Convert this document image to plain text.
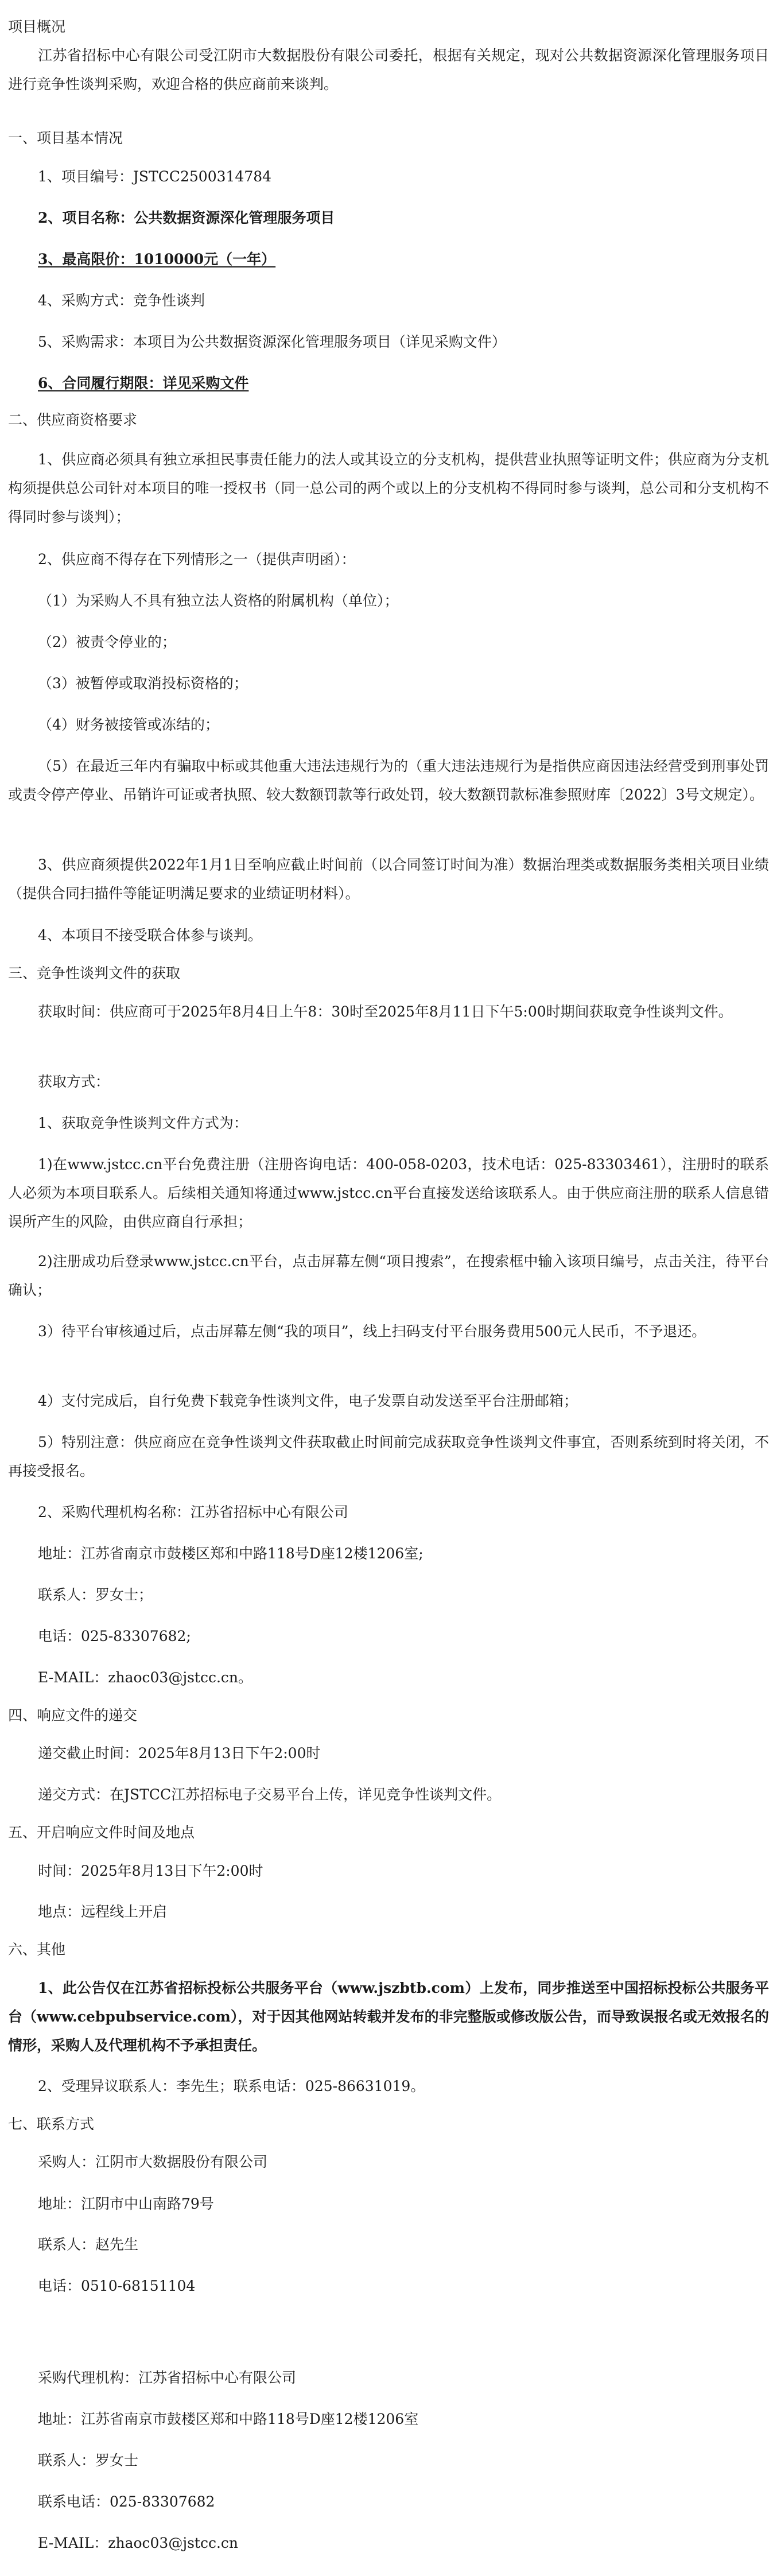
项目概况
江苏省招标中心有限公司受江阴市大数据股份有限公司委托，根据有关规定，现对公共数据资源深化管理服务项目进行竞争性谈判采购，欢迎合格的供应商前来谈判。
一、项目基本情况
1、项目编号：JSTCC2500314784
2、项目名称：公共数据资源深化管理服务项目
3、最高限价：1010000元（一年）
4、采购方式：竞争性谈判
5、采购需求：本项目为公共数据资源深化管理服务项目（详见采购文件）
6、合同履行期限：详见采购文件
二、供应商资格要求
1、供应商必须具有独立承担民事责任能力的法人或其设立的分支机构，提供营业执照等证明文件；供应商为分支机构须提供总公司针对本项目的唯一授权书（同一总公司的两个或以上的分支机构不得同时参与谈判，总公司和分支机构不得同时参与谈判）；
2、供应商不得存在下列情形之一（提供声明函）：
（1）为采购人不具有独立法人资格的附属机构（单位）；
（2）被责令停业的；
（3）被暂停或取消投标资格的；
（4）财务被接管或冻结的；
（5）在最近三年内有骗取中标或其他重大违法违规行为的（重大违法违规行为是指供应商因违法经营受到刑事处罚或责令停产停业、吊销许可证或者执照、较大数额罚款等行政处罚，较大数额罚款标准参照财库〔2022〕3号文规定）。
3、供应商须提供2022年1月1日至响应截止时间前（以合同签订时间为准）数据治理类或数据服务类相关项目业绩（提供合同扫描件等能证明满足要求的业绩证明材料）。
4、本项目不接受联合体参与谈判。
三、竞争性谈判文件的获取
获取时间：供应商可于2025年8月4日上午8：30时至2025年8月11日下午5:00时期间获取竞争性谈判文件。
获取方式：
1、获取竞争性谈判文件方式为：
1)在www.jstcc.cn平台免费注册（注册咨询电话：400-058-0203，技术电话：025-83303461），注册时的联系人必须为本项目联系人。后续相关通知将通过www.jstcc.cn平台直接发送给该联系人。由于供应商注册的联系人信息错误所产生的风险，由供应商自行承担；
2)注册成功后登录www.jstcc.cn平台，点击屏幕左侧“项目搜索”，在搜索框中输入该项目编号，点击关注，待平台确认；
3）待平台审核通过后，点击屏幕左侧“我的项目”，线上扫码支付平台服务费用500元人民币，不予退还。
4）支付完成后，自行免费下载竞争性谈判文件，电子发票自动发送至平台注册邮箱；
5）特别注意：供应商应在竞争性谈判文件获取截止时间前完成获取竞争性谈判文件事宜，否则系统到时将关闭，不再接受报名。
2、采购代理机构名称：江苏省招标中心有限公司
地址：江苏省南京市鼓楼区郑和中路118号D座12楼1206室;
联系人：罗女士；
电话：025-83307682;
E-MAIL：zhaoc03@jstcc.cn。
四、响应文件的递交
递交截止时间：2025年8月13日下午2:00时
递交方式：在JSTCC江苏招标电子交易平台上传，详见竞争性谈判文件。
五、开启响应文件时间及地点
时间：2025年8月13日下午2:00时
地点：远程线上开启
六、其他
1、此公告仅在江苏省招标投标公共服务平台（www.jszbtb.com）上发布，同步推送至中国招标投标公共服务平台（www.cebpubservice.com），对于因其他网站转载并发布的非完整版或修改版公告，而导致误报名或无效报名的情形，采购人及代理机构不予承担责任。
2、受理异议联系人：李先生；联系电话：025-86631019。
七、联系方式
采购人：江阴市大数据股份有限公司
地址：江阴市中山南路79号
联系人：赵先生
电话：0510-68151104
采购代理机构：江苏省招标中心有限公司
地址：江苏省南京市鼓楼区郑和中路118号D座12楼1206室
联系人：罗女士
联系电话：025-83307682
E-MAIL：zhaoc03@jstcc.cn
